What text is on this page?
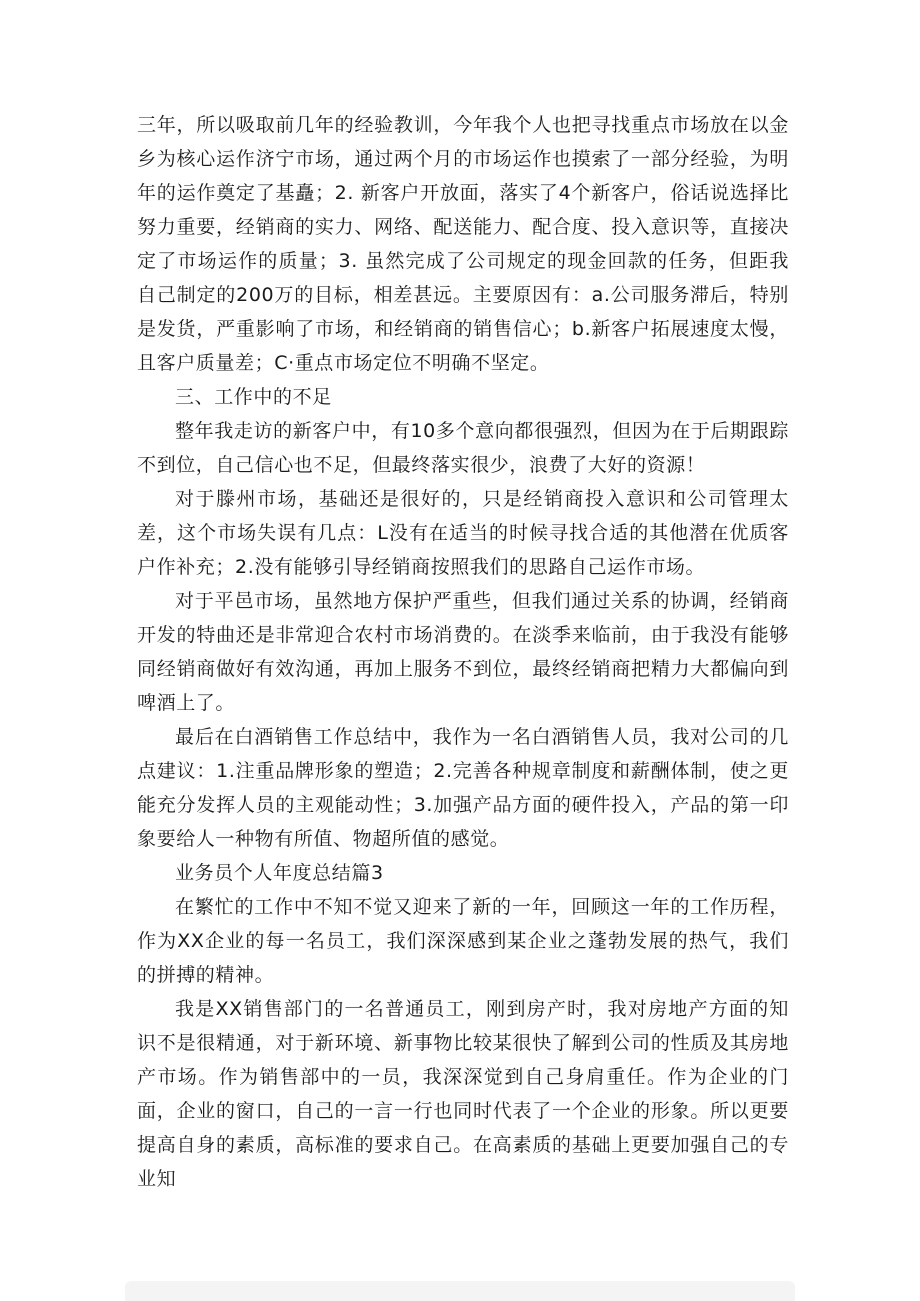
三年，所以吸取前几年的经验教训，今年我个人也把寻找重点市场放在以金乡为核心运作济宁市场，通过两个月的市场运作也摸索了一部分经验，为明年的运作奠定了基矗；2. 新客户开放面，落实了4个新客户，俗话说选择比努力重要，经销商的实力、网络、配送能力、配合度、投入意识等，直接决定了市场运作的质量；3. 虽然完成了公司规定的现金回款的任务，但距我自己制定的200万的目标，相差甚远。主要原因有：a.公司服务滞后，特别是发货，严重影响了市场，和经销商的销售信心；b.新客户拓展速度太慢，且客户质量差；C·重点市场定位不明确不坚定。

三、工作中的不足

整年我走访的新客户中，有10多个意向都很强烈，但因为在于后期跟踪不到位，自己信心也不足，但最终落实很少，浪费了大好的资源！

对于滕州市场，基础还是很好的，只是经销商投入意识和公司管理太差，这个市场失误有几点：L没有在适当的时候寻找合适的其他潜在优质客户作补充；2.没有能够引导经销商按照我们的思路自己运作市场。

对于平邑市场，虽然地方保护严重些，但我们通过关系的协调，经销商开发的特曲还是非常迎合农村市场消费的。在淡季来临前，由于我没有能够同经销商做好有效沟通，再加上服务不到位，最终经销商把精力大都偏向到啤酒上了。

最后在白酒销售工作总结中，我作为一名白酒销售人员，我对公司的几点建议：1.注重品牌形象的塑造；2.完善各种规章制度和薪酬体制，使之更能充分发挥人员的主观能动性；3.加强产品方面的硬件投入，产品的第一印象要给人一种物有所值、物超所值的感觉。

业务员个人年度总结篇3

在繁忙的工作中不知不觉又迎来了新的一年，回顾这一年的工作历程，作为XX企业的每一名员工，我们深深感到某企业之蓬勃发展的热气，我们的拼搏的精神。

我是XX销售部门的一名普通员工，刚到房产时，我对房地产方面的知识不是很精通，对于新环境、新事物比较某很快了解到公司的性质及其房地产市场。作为销售部中的一员，我深深觉到自己身肩重任。作为企业的门面，企业的窗口，自己的一言一行也同时代表了一个企业的形象。所以更要提高自身的素质，高标准的要求自己。在高素质的基础上更要加强自己的专业知
